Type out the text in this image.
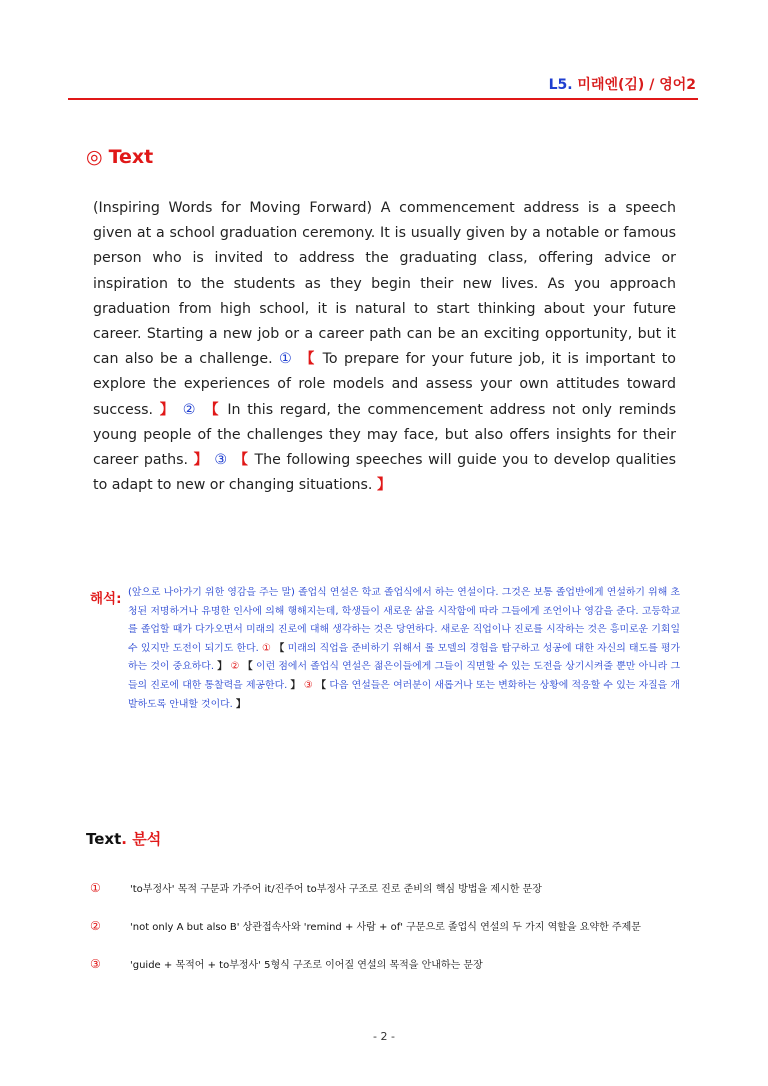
L5. 미래엔(김) / 영어2
◎ Text
(Inspiring Words for Moving Forward) A commencement address is a speech given at a school graduation ceremony. It is usually given by a notable or famous person who is invited to address the graduating class, offering advice or inspiration to the students as they begin their new lives. As you approach graduation from high school, it is natural to start thinking about your future career. Starting a new job or a career path can be an exciting opportunity, but it can also be a challenge. ① 【 To prepare for your future job, it is important to explore the experiences of role models and assess your own attitudes toward success. 】 ② 【 In this regard, the commencement address not only reminds young people of the challenges they may face, but also offers insights for their career paths. 】 ③ 【 The following speeches will guide you to develop qualities to adapt to new or changing situations. 】
해석: (앞으로 나아가기 위한 영감을 주는 말) 졸업식 연설은 학교 졸업식에서 하는 연설이다. 그것은 보통 졸업반에게 연설하기 위해 초청된 저명하거나 유명한 인사에 의해 행해지는데, 학생들이 새로운 삶을 시작함에 따라 그들에게 조언이나 영감을 준다. 고등학교를 졸업할 때가 다가오면서 미래의 진로에 대해 생각하는 것은 당연하다. 새로운 직업이나 진로를 시작하는 것은 흥미로운 기회일 수 있지만 도전이 되기도 한다. ① 【 미래의 직업을 준비하기 위해서 롤 모델의 경험을 탐구하고 성공에 대한 자신의 태도를 평가하는 것이 중요하다. 】 ② 【 이런 점에서 졸업식 연설은 젊은이들에게 그들이 직면할 수 있는 도전을 상기시켜줄 뿐만 아니라 그들의 진로에 대한 통찰력을 제공한다. 】 ③ 【 다음 연설들은 여러분이 새롭거나 또는 변화하는 상황에 적응할 수 있는 자질을 개발하도록 안내할 것이다. 】
Text. 분석
①	'to부정사' 목적 구문과 가주어 it/진주어 to부정사 구조로 진로 준비의 핵심 방법을 제시한 문장
②	'not only A but also B' 상관접속사와 'remind + 사람 + of' 구문으로 졸업식 연설의 두 가지 역할을 요약한 주제문
③	'guide + 목적어 + to부정사' 5형식 구조로 이어질 연설의 목적을 안내하는 문장
- 2 -
